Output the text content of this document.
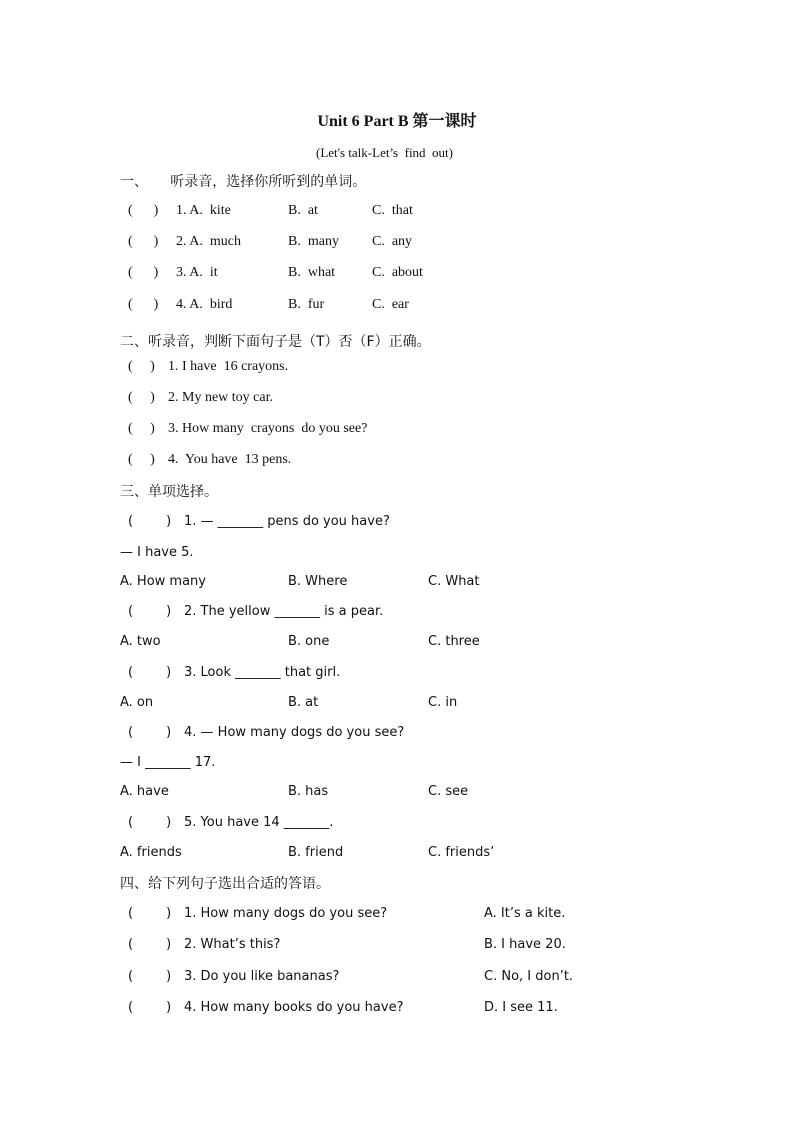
Unit 6 Part B 第一课时
(Let's talk-Let’s  find  out)
一、     听录音，选择你所听到的单词。
(      ) 1. A.  kite	B.  at	C.  that
(      ) 2. A.  much	B.  many C.  any
(      ) 3. A.  it	B.  what	C.  about
(      ) 4. A.  bird	B.  fur	C.  ear
二、听录音，判断下面句子是（T）否（F）正确。
(     ) 1. I have  16 crayons.
(     ) 2. My new toy car.
(     ) 3. How many  crayons  do you see?
(     ) 4.  You have  13 pens.
三、单项选择。
(        ) 1. — _______ pens do you have?
— I have 5.
A. How many	B. Where	C. What
(        ) 2. The yellow _______ is a pear.
A. two	B. one	C. three
(        ) 3. Look _______ that girl.
A. on	B. at	C. in
(        ) 4. — How many dogs do you see?
— I _______ 17.
A. have	B. has	C. see
(        ) 5. You have 14 _______.
A. friends	B. friend	C. friends’
四、给下列句子选出合适的答语。
(        ) 1. How many dogs do you see?	A. It’s a kite.
(        ) 2. What’s this?	B. I have 20.
(        ) 3. Do you like bananas?	C. No, I don’t.
(        ) 4. How many books do you have?	D. I see 11.
